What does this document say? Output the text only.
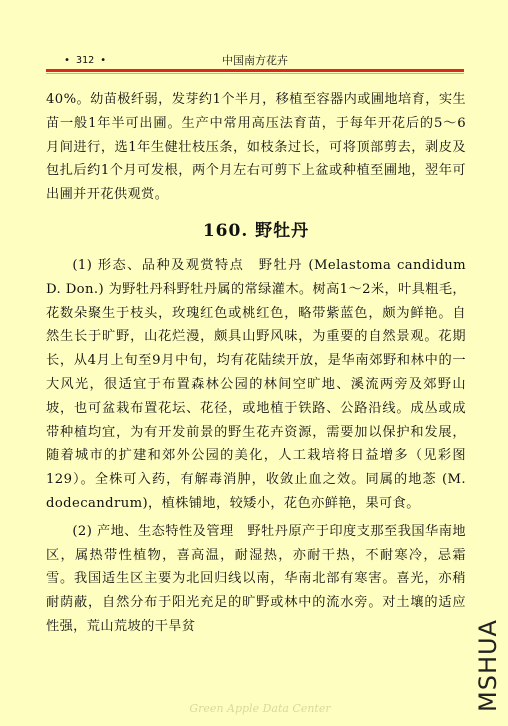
• 312 •	中国南方花卉

40%。幼苗极纤弱，发芽约1个半月，移植至容器内或圃地培育，实生苗一般1年半可出圃。生产中常用高压法育苗，于每年开花后的5～6月间进行，选1年生健壮枝压条，如枝条过长，可将顶部剪去，剥皮及包扎后约1个月可发根，两个月左右可剪下上盆或种植至圃地，翌年可出圃并开花供观赏。

160. 野牡丹

(1) 形态、品种及观赏特点　野牡丹 (Melastoma candidum D. Don.) 为野牡丹科野牡丹属的常绿灌木。树高1～2米，叶具粗毛，花数朵聚生于枝头，玫瑰红色或桃红色，略带紫蓝色，颇为鲜艳。自然生长于旷野，山花烂漫，颇具山野风味，为重要的自然景观。花期长，从4月上旬至9月中旬，均有花陆续开放，是华南郊野和林中的一大风光，很适宜于布置森林公园的林间空旷地、溪流两旁及郊野山坡，也可盆栽布置花坛、花径，或地植于铁路、公路沿线。成丛或成带种植均宜，为有开发前景的野生花卉资源，需要加以保护和发展，随着城市的扩建和郊外公园的美化，人工栽培将日益增多（见彩图129）。全株可入药，有解毒消肿，收敛止血之效。同属的地菍 (M. dodecandrum)，植株铺地，较矮小，花色亦鲜艳，果可食。

(2) 产地、生态特性及管理　野牡丹原产于印度支那至我国华南地区，属热带性植物，喜高温，耐湿热，亦耐干热，不耐寒冷，忌霜雪。我国适生区主要为北回归线以南，华南北部有寒害。喜光，亦稍耐荫蔽，自然分布于阳光充足的旷野或林中的流水旁。对土壤的适应性强，荒山荒坡的干旱贫

Green Apple Data Center	MSHUA
